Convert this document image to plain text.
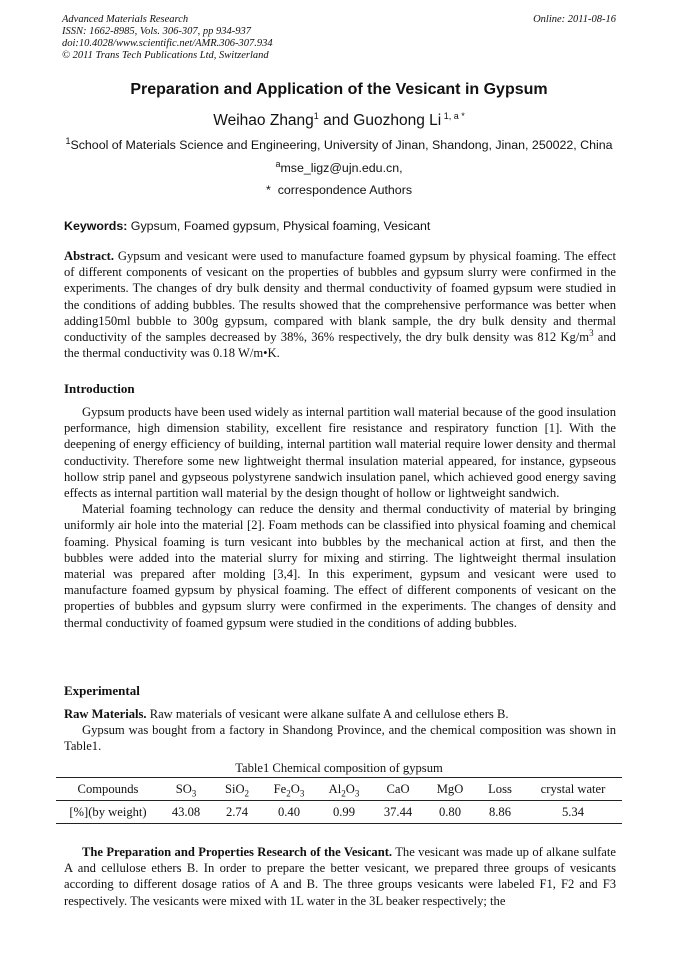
Advanced Materials Research
ISSN: 1662-8985, Vols. 306-307, pp 934-937
doi:10.4028/www.scientific.net/AMR.306-307.934
© 2011 Trans Tech Publications Ltd, Switzerland
Online: 2011-08-16
Preparation and Application of the Vesicant in Gypsum
Weihao Zhang$^1$ and Guozhong Li $^{1, a *}$
$^1$School of Materials Science and Engineering, University of Jinan, Shandong, Jinan, 250022, China
$^a$mse_ligz@ujn.edu.cn,
*  correspondence Authors
Keywords: Gypsum, Foamed gypsum, Physical foaming, Vesicant
Abstract. Gypsum and vesicant were used to manufacture foamed gypsum by physical foaming. The effect of different components of vesicant on the properties of bubbles and gypsum slurry were confirmed in the experiments. The changes of dry bulk density and thermal conductivity of foamed gypsum were studied in the conditions of adding bubbles. The results showed that the comprehensive performance was better when adding150ml bubble to 300g gypsum, compared with blank sample, the dry bulk density and thermal conductivity of the samples decreased by 38%, 36% respectively, the dry bulk density was 812 $Kg/m^3$ and the thermal conductivity was 0.18 W/m•K.
Introduction

Gypsum products have been used widely as internal partition wall material because of the good insulation performance, high dimension stability, excellent fire resistance and respiratory function [1]. With the deepening of energy efficiency of building, internal partition wall material require lower density and thermal conductivity. Therefore some new lightweight thermal insulation material appeared, for instance, gypseous hollow strip panel and gypseous polystyrene sandwich insulation panel, which achieved good energy saving effects as internal partition wall material by the design thought of hollow or lightweight sandwich.

Material foaming technology can reduce the density and thermal conductivity of material by bringing uniformly air hole into the material [2]. Foam methods can be classified into physical foaming and chemical foaming. Physical foaming is turn vesicant into bubbles by the mechanical action at first, and then the bubbles were added into the material slurry for mixing and stirring. The lightweight thermal insulation material was prepared after molding [3,4]. In this experiment, gypsum and vesicant were used to manufacture foamed gypsum by physical foaming. The effect of different components of vesicant on the properties of bubbles and gypsum slurry were confirmed in the experiments. The changes of density and thermal conductivity of foamed gypsum were studied in the conditions of adding bubbles.

Experimental

Raw Materials. Raw materials of vesicant were alkane sulfate A and cellulose ethers B.

Gypsum was bought from a factory in Shandong Province, and the chemical composition was shown in Table1.

Table1 Chemical composition of gypsum
Compounds	$SO_3$	SiO$_2$	$Fe_2O_3$	$Al_2O_3$	CaO	MgO	Loss	crystal water
[%](by weight)	43.08	2.74	0.40	0.99	37.44	0.80	8.86	5.34

The Preparation and Properties Research of the Vesicant. The vesicant was made up of alkane sulfate A and cellulose ethers B. In order to prepare the better vesicant, we prepared three groups of vesicants according to different dosage ratios of A and B. The three groups vesicants were labeled F1, F2 and F3 respectively. The vesicants were mixed with 1L water in the 3L beaker respectively; the
